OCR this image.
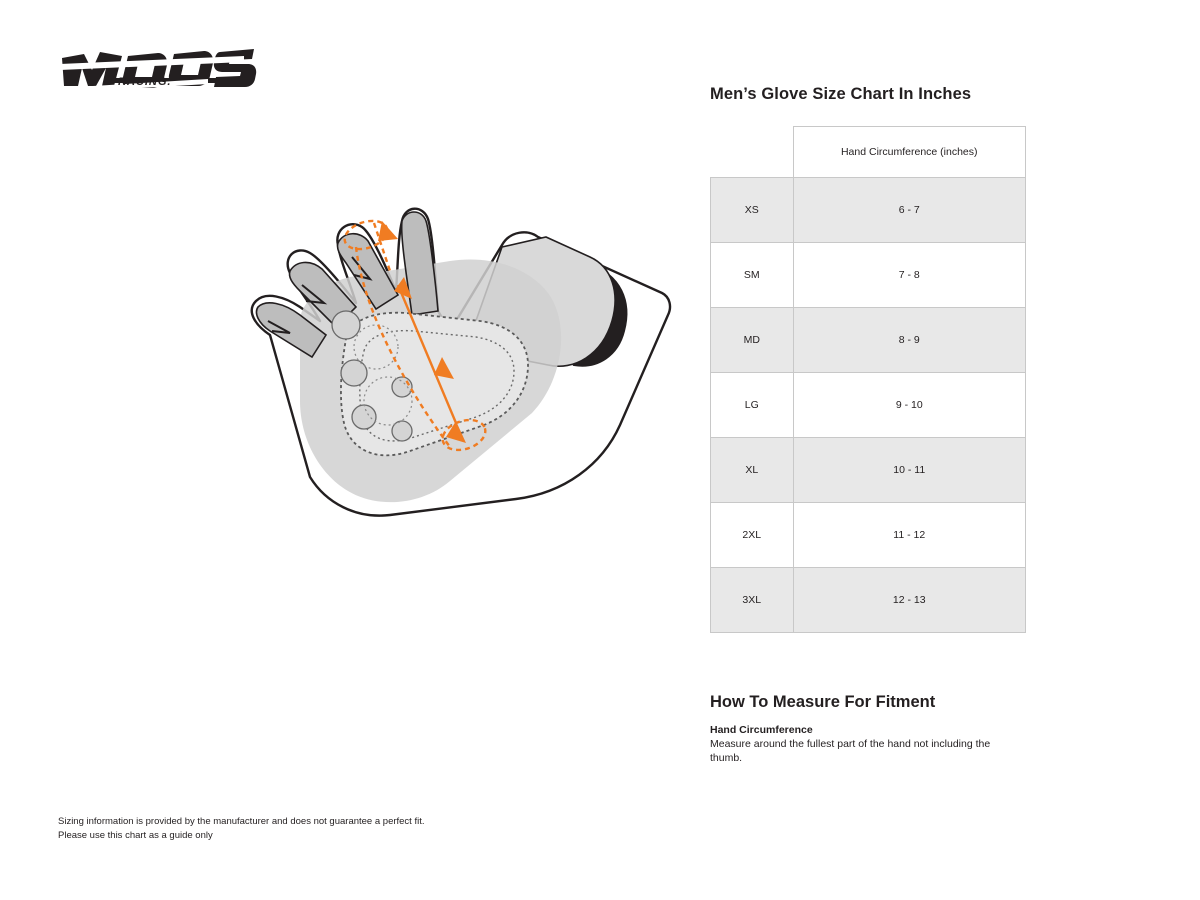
RACING.
Men’s Glove Size Chart In Inches
	Hand Circumference (inches)
XS	6 - 7
SM	7 - 8
MD	8 - 9
LG	9 - 10
XL	10 - 11
2XL	11 - 12
3XL	12 - 13
How To Measure For Fitment

Hand Circumference

Measure around the fullest part of the hand not including the thumb.

Sizing information is provided by the manufacturer and does not guarantee a perfect fit.
Please use this chart as a guide only
